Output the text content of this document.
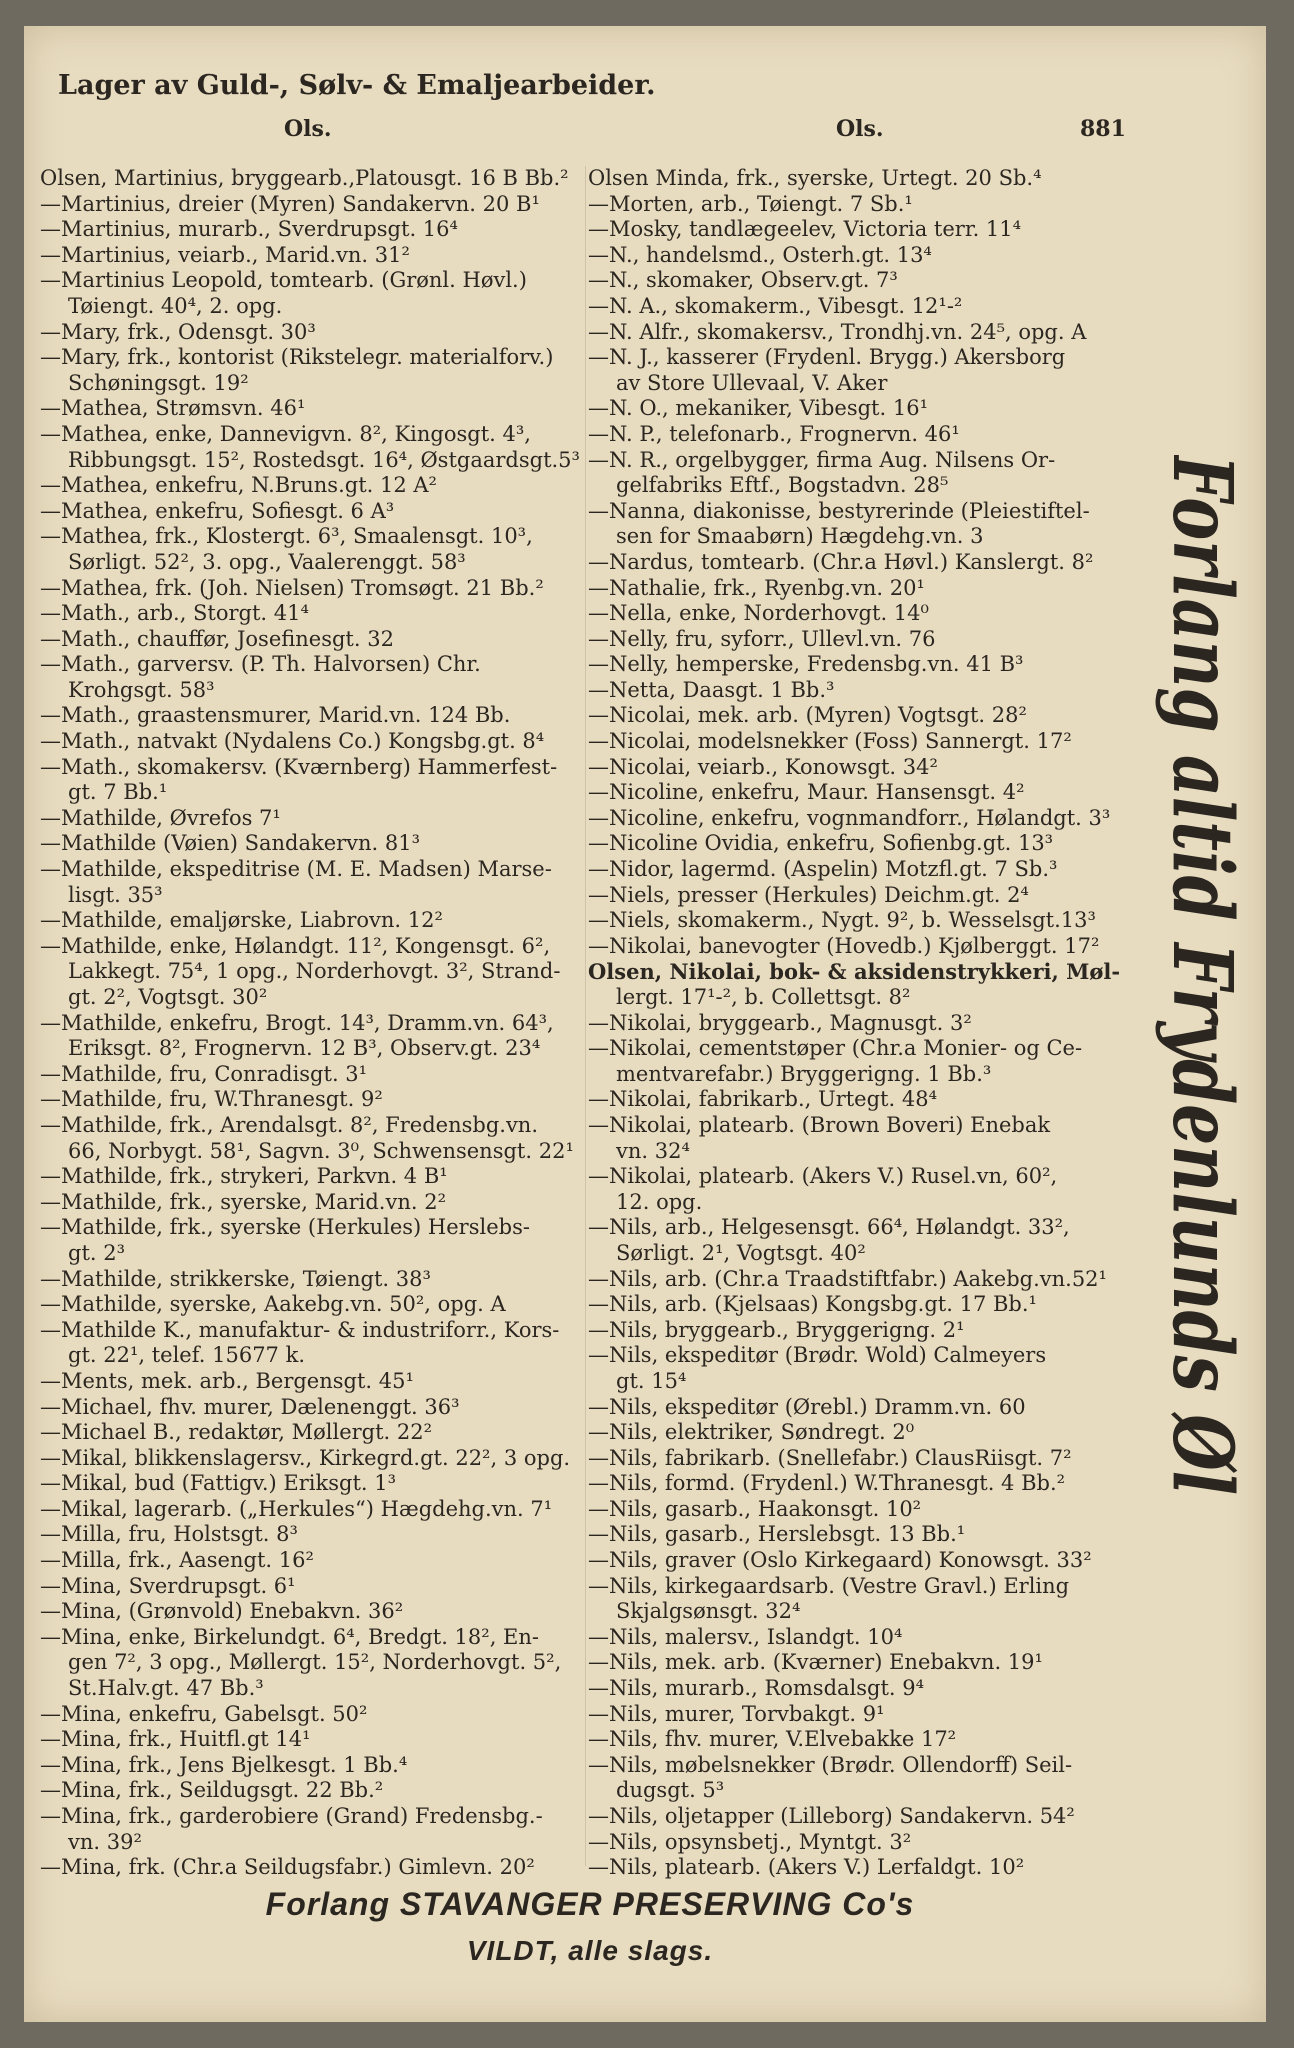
Lager av Guld-, Sølv- & Emaljearbeider.
Ols.	Ols.	881
Olsen, Martinius, bryggearb.,Platousgt. 16 B Bb.²
—Martinius, dreier (Myren) Sandakervn. 20 B¹
—Martinius, murarb., Sverdrupsgt. 16⁴
—Martinius, veiarb., Marid.vn. 31²
—Martinius Leopold, tomtearb. (Grønl. Høvl.)
Tøiengt. 40⁴, 2. opg.
—Mary, frk., Odensgt. 30³
—Mary, frk., kontorist (Rikstelegr. materialforv.)
Schøningsgt. 19²
—Mathea, Strømsvn. 46¹
—Mathea, enke, Dannevigvn. 8², Kingosgt. 4³,
Ribbungsgt. 15², Rostedsgt. 16⁴, Østgaardsgt.5³
—Mathea, enkefru, N.Bruns.gt. 12 A²
—Mathea, enkefru, Sofiesgt. 6 A³
—Mathea, frk., Klostergt. 6³, Smaalensgt. 10³,
Sørligt. 52², 3. opg., Vaalerenggt. 58³
—Mathea, frk. (Joh. Nielsen) Tromsøgt. 21 Bb.²
—Math., arb., Storgt. 41⁴
—Math., chauffør, Josefinesgt. 32
—Math., garversv. (P. Th. Halvorsen) Chr.
Krohgsgt. 58³
—Math., graastensmurer, Marid.vn. 124 Bb.
—Math., natvakt (Nydalens Co.) Kongsbg.gt. 8⁴
—Math., skomakersv. (Kværnberg) Hammerfest-
gt. 7 Bb.¹
—Mathilde, Øvrefos 7¹
—Mathilde (Vøien) Sandakervn. 81³
—Mathilde, ekspeditrise (M. E. Madsen) Marse-
lisgt. 35³
—Mathilde, emaljørske, Liabrovn. 12²
—Mathilde, enke, Hølandgt. 11², Kongensgt. 6²,
Lakkegt. 75⁴, 1 opg., Norderhovgt. 3², Strand-
gt. 2², Vogtsgt. 30²
—Mathilde, enkefru, Brogt. 14³, Dramm.vn. 64³,
Eriksgt. 8², Frognervn. 12 B³, Observ.gt. 23⁴
—Mathilde, fru, Conradisgt. 3¹
—Mathilde, fru, W.Thranesgt. 9²
—Mathilde, frk., Arendalsgt. 8², Fredensbg.vn.
66, Norbygt. 58¹, Sagvn. 3⁰, Schwensensgt. 22¹
—Mathilde, frk., strykeri, Parkvn. 4 B¹
—Mathilde, frk., syerske, Marid.vn. 2²
—Mathilde, frk., syerske (Herkules) Herslebs-
gt. 2³
—Mathilde, strikkerske, Tøiengt. 38³
—Mathilde, syerske, Aakebg.vn. 50², opg. A
—Mathilde K., manufaktur- & industriforr., Kors-
gt. 22¹, telef. 15677 k.
—Ments, mek. arb., Bergensgt. 45¹
—Michael, fhv. murer, Dælenenggt. 36³
—Michael B., redaktør, Møllergt. 22²
—Mikal, blikkenslagersv., Kirkegrd.gt. 22², 3 opg.
—Mikal, bud (Fattigv.) Eriksgt. 1³
—Mikal, lagerarb. („Herkules“) Hægdehg.vn. 7¹
—Milla, fru, Holstsgt. 8³
—Milla, frk., Aasengt. 16²
—Mina, Sverdrupsgt. 6¹
—Mina, (Grønvold) Enebakvn. 36²
—Mina, enke, Birkelundgt. 6⁴, Bredgt. 18², En-
gen 7², 3 opg., Møllergt. 15², Norderhovgt. 5²,
St.Halv.gt. 47 Bb.³
—Mina, enkefru, Gabelsgt. 50²
—Mina, frk., Huitfl.gt 14¹
—Mina, frk., Jens Bjelkesgt. 1 Bb.⁴
—Mina, frk., Seildugsgt. 22 Bb.²
—Mina, frk., garderobiere (Grand) Fredensbg.-
vn. 39²
—Mina, frk. (Chr.a Seildugsfabr.) Gimlevn. 20²
Olsen Minda, frk., syerske, Urtegt. 20 Sb.⁴
—Morten, arb., Tøiengt. 7 Sb.¹
—Mosky, tandlægeelev, Victoria terr. 11⁴
—N., handelsmd., Osterh.gt. 13⁴
—N., skomaker, Observ.gt. 7³
—N. A., skomakerm., Vibesgt. 12¹-²
—N. Alfr., skomakersv., Trondhj.vn. 24⁵, opg. A
—N. J., kasserer (Frydenl. Brygg.) Akersborg
av Store Ullevaal, V. Aker
—N. O., mekaniker, Vibesgt. 16¹
—N. P., telefonarb., Frognervn. 46¹
—N. R., orgelbygger, firma Aug. Nilsens Or-
gelfabriks Eftf., Bogstadvn. 28⁵
—Nanna, diakonisse, bestyrerinde (Pleiestiftel-
sen for Smaabørn) Hægdehg.vn. 3
—Nardus, tomtearb. (Chr.a Høvl.) Kanslergt. 8²
—Nathalie, frk., Ryenbg.vn. 20¹
—Nella, enke, Norderhovgt. 14⁰
—Nelly, fru, syforr., Ullevl.vn. 76
—Nelly, hemperske, Fredensbg.vn. 41 B³
—Netta, Daasgt. 1 Bb.³
—Nicolai, mek. arb. (Myren) Vogtsgt. 28²
—Nicolai, modelsnekker (Foss) Sannergt. 17²
—Nicolai, veiarb., Konowsgt. 34²
—Nicoline, enkefru, Maur. Hansensgt. 4²
—Nicoline, enkefru, vognmandforr., Hølandgt. 3³
—Nicoline Ovidia, enkefru, Sofienbg.gt. 13³
—Nidor, lagermd. (Aspelin) Motzfl.gt. 7 Sb.³
—Niels, presser (Herkules) Deichm.gt. 2⁴
—Niels, skomakerm., Nygt. 9², b. Wesselsgt.13³
—Nikolai, banevogter (Hovedb.) Kjølberggt. 17²
Olsen, Nikolai, bok- & aksidenstrykkeri, Møl-
lergt. 17¹-², b. Collettsgt. 8²
—Nikolai, bryggearb., Magnusgt. 3²
—Nikolai, cementstøper (Chr.a Monier- og Ce-
mentvarefabr.) Bryggerigng. 1 Bb.³
—Nikolai, fabrikarb., Urtegt. 48⁴
—Nikolai, platearb. (Brown Boveri) Enebak
vn. 32⁴
—Nikolai, platearb. (Akers V.) Rusel.vn, 60²,
12. opg.
—Nils, arb., Helgesensgt. 66⁴, Hølandgt. 33²,
Sørligt. 2¹, Vogtsgt. 40²
—Nils, arb. (Chr.a Traadstiftfabr.) Aakebg.vn.52¹
—Nils, arb. (Kjelsaas) Kongsbg.gt. 17 Bb.¹
—Nils, bryggearb., Bryggerigng. 2¹
—Nils, ekspeditør (Brødr. Wold) Calmeyers
gt. 15⁴
—Nils, ekspeditør (Ørebl.) Dramm.vn. 60
—Nils, elektriker, Søndregt. 2⁰
—Nils, fabrikarb. (Snellefabr.) ClausRiisgt. 7²
—Nils, formd. (Frydenl.) W.Thranesgt. 4 Bb.²
—Nils, gasarb., Haakonsgt. 10²
—Nils, gasarb., Herslebsgt. 13 Bb.¹
—Nils, graver (Oslo Kirkegaard) Konowsgt. 33²
—Nils, kirkegaardsarb. (Vestre Gravl.) Erling
Skjalgsønsgt. 32⁴
—Nils, malersv., Islandgt. 10⁴
—Nils, mek. arb. (Kværner) Enebakvn. 19¹
—Nils, murarb., Romsdalsgt. 9⁴
—Nils, murer, Torvbakgt. 9¹
—Nils, fhv. murer, V.Elvebakke 17²
—Nils, møbelsnekker (Brødr. Ollendorff) Seil-
dugsgt. 5³
—Nils, oljetapper (Lilleborg) Sandakervn. 54²
—Nils, opsynsbetj., Myntgt. 3²
—Nils, platearb. (Akers V.) Lerfaldgt. 10²
Forlang altid Frydenlunds Øl
Forlang STAVANGER PRESERVING Co's
VILDT, alle slags.
